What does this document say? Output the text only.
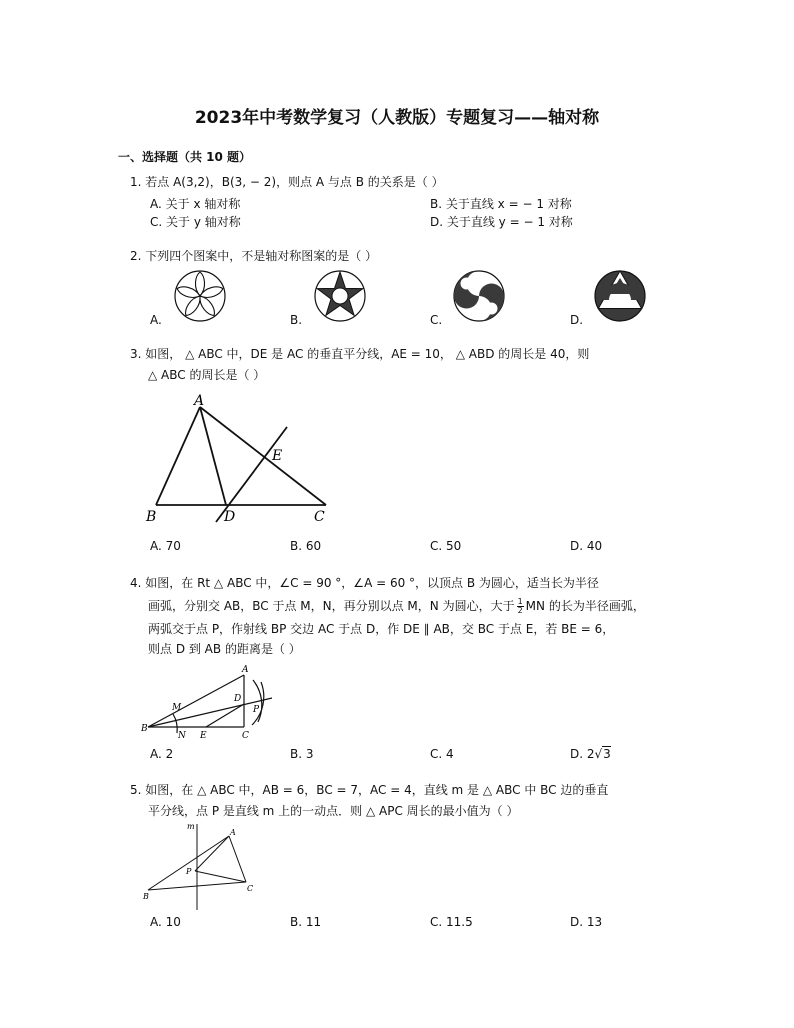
2023年中考数学复习（人教版）专题复习——轴对称
一、选择题（共 10 题）
1. 若点 A(3,2)，B(3, − 2)，则点 A 与点 B 的关系是（ ）
A. 关于 x 轴对称	B. 关于直线 x = − 1 对称
C. 关于 y 轴对称	D. 关于直线 y = − 1 对称
2. 下列四个图案中，不是轴对称图案的是（ ）
A.	B.	C.	D.
3. 如图， △ ABC 中，DE 是 AC 的垂直平分线，AE = 10， △ ABD 的周长是 40，则
△ ABC 的周长是（ ）
A
B	D	C
E
A. 70	B. 60	C. 50	D. 40
4. 如图，在 Rt △ ABC 中，∠C = 90 °，∠A = 60 °，以顶点 B 为圆心，适当长为半径
画弧，分别交 AB，BC 于点 M，N，再分别以点 M，N 为圆心，大于 $\frac{1}{2}$ MN 的长为半径画弧，
两弧交于点 P，作射线 BP 交边 AC 于点 D，作 DE ∥ AB，交 BC 于点 E，若 BE = 6，
则点 D 到 AB 的距离是（ ）
A
B
C
D
E
M
N
P
A. 2	B. 3	C. 4	D. 2√3
5. 如图，在 △ ABC 中，AB = 6，BC = 7，AC = 4，直线 m 是 △ ABC 中 BC 边的垂直
平分线，点 P 是直线 m 上的一动点．则 △ APC 周长的最小值为（ ）
m
A
B
C
P
A. 10	B. 11	C. 11.5	D. 13
